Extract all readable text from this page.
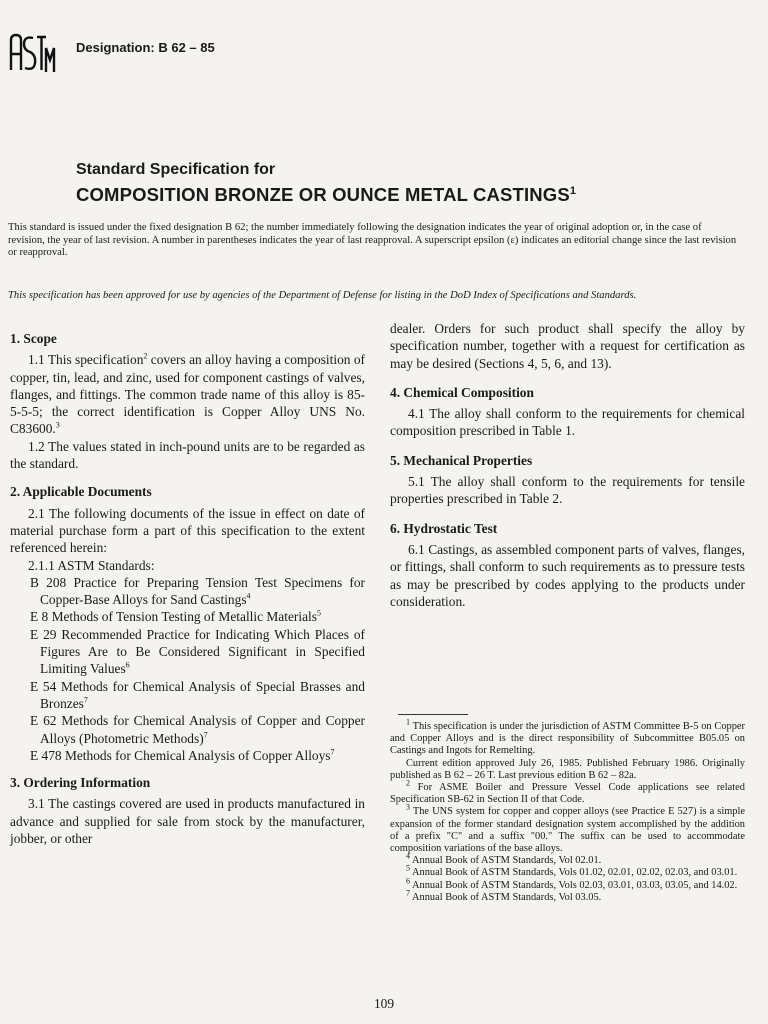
Designation: B 62 – 85
Standard Specification for
COMPOSITION BRONZE OR OUNCE METAL CASTINGS$^1$

This standard is issued under the fixed designation B 62; the number immediately following the designation indicates the year of original adoption or, in the case of revision, the year of last revision. A number in parentheses indicates the year of last reapproval. A superscript epsilon (ε) indicates an editorial change since the last revision or reapproval.

This specification has been approved for use by agencies of the Department of Defense for listing in the DoD Index of Specifications and Standards.

1. Scope

1.1 This specification$^2$ covers an alloy having a composition of copper, tin, lead, and zinc, used for component castings of valves, flanges, and fittings. The common trade name of this alloy is 85-5-5-5; the correct identification is Copper Alloy UNS No. C83600.$^3$

1.2 The values stated in inch-pound units are to be regarded as the standard.

2. Applicable Documents

2.1 The following documents of the issue in effect on date of material purchase form a part of this specification to the extent referenced herein:

2.1.1 ASTM Standards:

B 208 Practice for Preparing Tension Test Specimens for Copper-Base Alloys for Sand Castings$^4$

E 8 Methods of Tension Testing of Metallic Materials$^5$

E 29 Recommended Practice for Indicating Which Places of Figures Are to Be Considered Significant in Specified Limiting Values$^6$

E 54 Methods for Chemical Analysis of Special Brasses and Bronzes$^7$

E 62 Methods for Chemical Analysis of Copper and Copper Alloys (Photometric Methods)$^7$

E 478 Methods for Chemical Analysis of Copper Alloys$^7$

3. Ordering Information

3.1 The castings covered are used in products manufactured in advance and supplied for sale from stock by the manufacturer, jobber, or other

dealer. Orders for such product shall specify the alloy by specification number, together with a request for certification as may be desired (Sections 4, 5, 6, and 13).

4. Chemical Composition

4.1 The alloy shall conform to the requirements for chemical composition prescribed in Table 1.

5. Mechanical Properties

5.1 The alloy shall conform to the requirements for tensile properties prescribed in Table 2.

6. Hydrostatic Test

6.1 Castings, as assembled component parts of valves, flanges, or fittings, shall conform to such requirements as to pressure tests as may be prescribed by codes applying to the products under consideration.

$^1$ This specification is under the jurisdiction of ASTM Committee B-5 on Copper and Copper Alloys and is the direct responsibility of Subcommittee B05.05 on Castings and Ingots for Remelting.

Current edition approved July 26, 1985. Published February 1986. Originally published as B 62 – 26 T. Last previous edition B 62 – 82a.

$^2$ For ASME Boiler and Pressure Vessel Code applications see related Specification SB-62 in Section II of that Code.

$^3$ The UNS system for copper and copper alloys (see Practice E 527) is a simple expansion of the former standard designation system accomplished by the addition of a prefix "C" and a suffix "00." The suffix can be used to accommodate composition variations of the base alloys.

$^4$ Annual Book of ASTM Standards, Vol 02.01.

$^5$ Annual Book of ASTM Standards, Vols 01.02, 02.01, 02.02, 02.03, and 03.01.

$^6$ Annual Book of ASTM Standards, Vols 02.03, 03.01, 03.03, 03.05, and 14.02.

$^7$ Annual Book of ASTM Standards, Vol 03.05.

109
